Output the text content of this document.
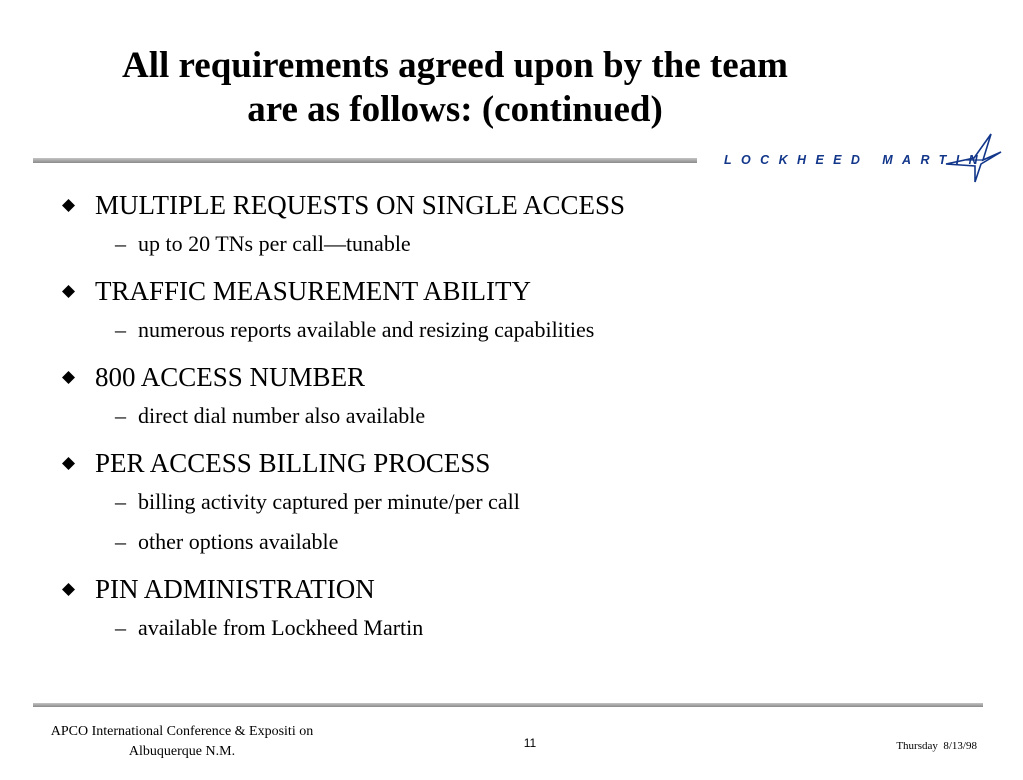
All requirements agreed upon by the team
are as follows: (continued)
LOCKHEED MARTIN
MULTIPLE REQUESTS ON SINGLE ACCESS
– up to 20 TNs per call—tunable
TRAFFIC MEASUREMENT ABILITY
– numerous reports available and resizing capabilities
800 ACCESS NUMBER
– direct dial number also available
PER ACCESS BILLING PROCESS
– billing activity captured per minute/per call
– other options available
PIN ADMINISTRATION
– available from Lockheed Martin
APCO International Conference & Expositi on
Albuquerque N.M.
11	Thursday  8/13/98
